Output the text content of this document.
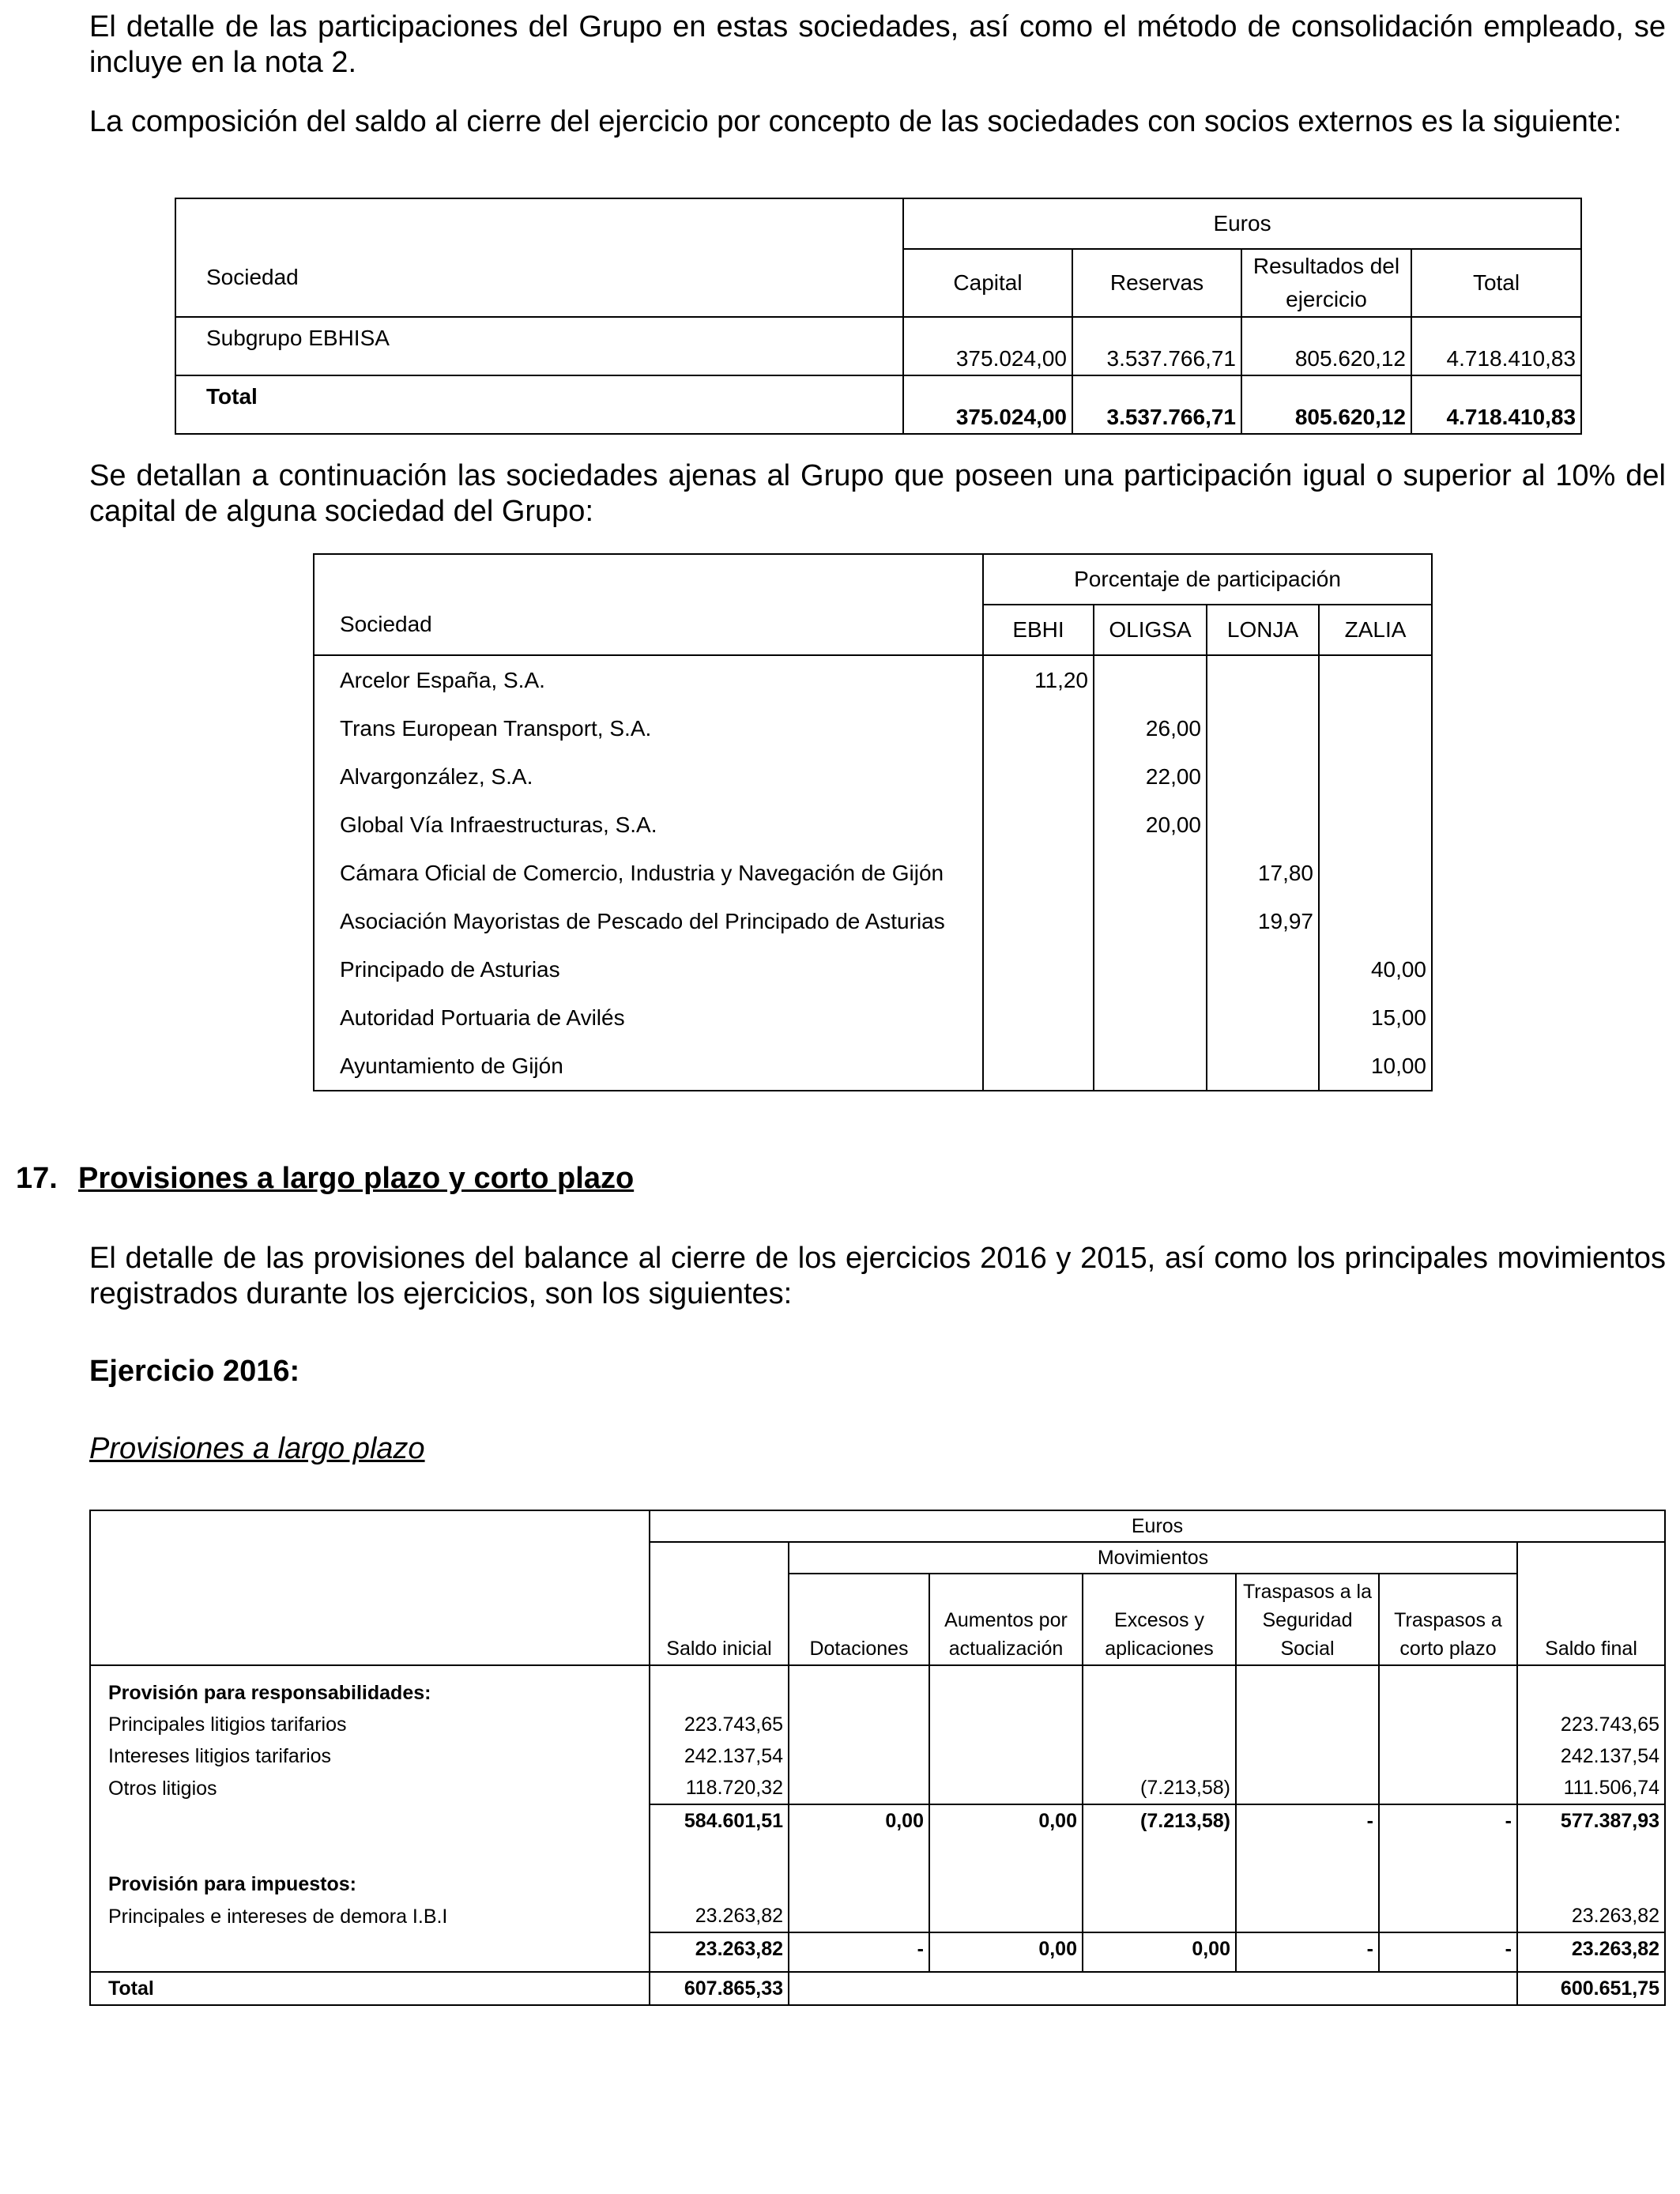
El detalle de las participaciones del Grupo en estas sociedades, así como el método de consolidación empleado, se incluye en la nota 2.

La composición del saldo al cierre del ejercicio por concepto de las sociedades con socios externos es la siguiente:

Sociedad	Euros			
	Capital	Reservas	Resultados del ejercicio	Total
Subgrupo EBHISA	375.024,00	3.537.766,71	805.620,12	4.718.410,83
Total	375.024,00	3.537.766,71	805.620,12	4.718.410,83

Se detallan a continuación las sociedades ajenas al Grupo que poseen una participación igual o superior al 10% del capital de alguna sociedad del Grupo:

Sociedad	Porcentaje de participación			
	EBHI	OLIGSA	LONJA	ZALIA
Arcelor España, S.A.	11,20			
Trans European Transport, S.A.		26,00		
Alvargonzález, S.A.		22,00		
Global Vía Infraestructuras, S.A.		20,00		
Cámara Oficial de Comercio, Industria y Navegación de Gijón			17,80	
Asociación Mayoristas de Pescado del Principado de Asturias			19,97	
Principado de Asturias				40,00
Autoridad Portuaria de Avilés				15,00
Ayuntamiento de Gijón				10,00
17. Provisiones a largo plazo y corto plazo

El detalle de las provisiones del balance al cierre de los ejercicios 2016 y 2015, así como los principales movimientos registrados durante los ejercicios, son los siguientes:

Ejercicio 2016:
Provisiones a largo plazo
	Euros						
	Saldo inicial	Movimientos					Saldo final
		Dotaciones	Aumentos por actualización	Excesos y aplicaciones	Traspasos a la Seguridad Social	Traspasos a corto plazo	

Provisión para responsabilidades:							
Principales litigios tarifarios	223.743,65						223.743,65
Intereses litigios tarifarios	242.137,54						242.137,54
Otros litigios	118.720,32			(7.213,58)			111.506,74
	584.601,51	0,00	0,00	(7.213,58)	-	-	577.387,93

Provisión para impuestos:							
Principales e intereses de demora I.B.I	23.263,82						23.263,82
	23.263,82	-	0,00	0,00	-	-	23.263,82

Total	607.865,33						600.651,75
